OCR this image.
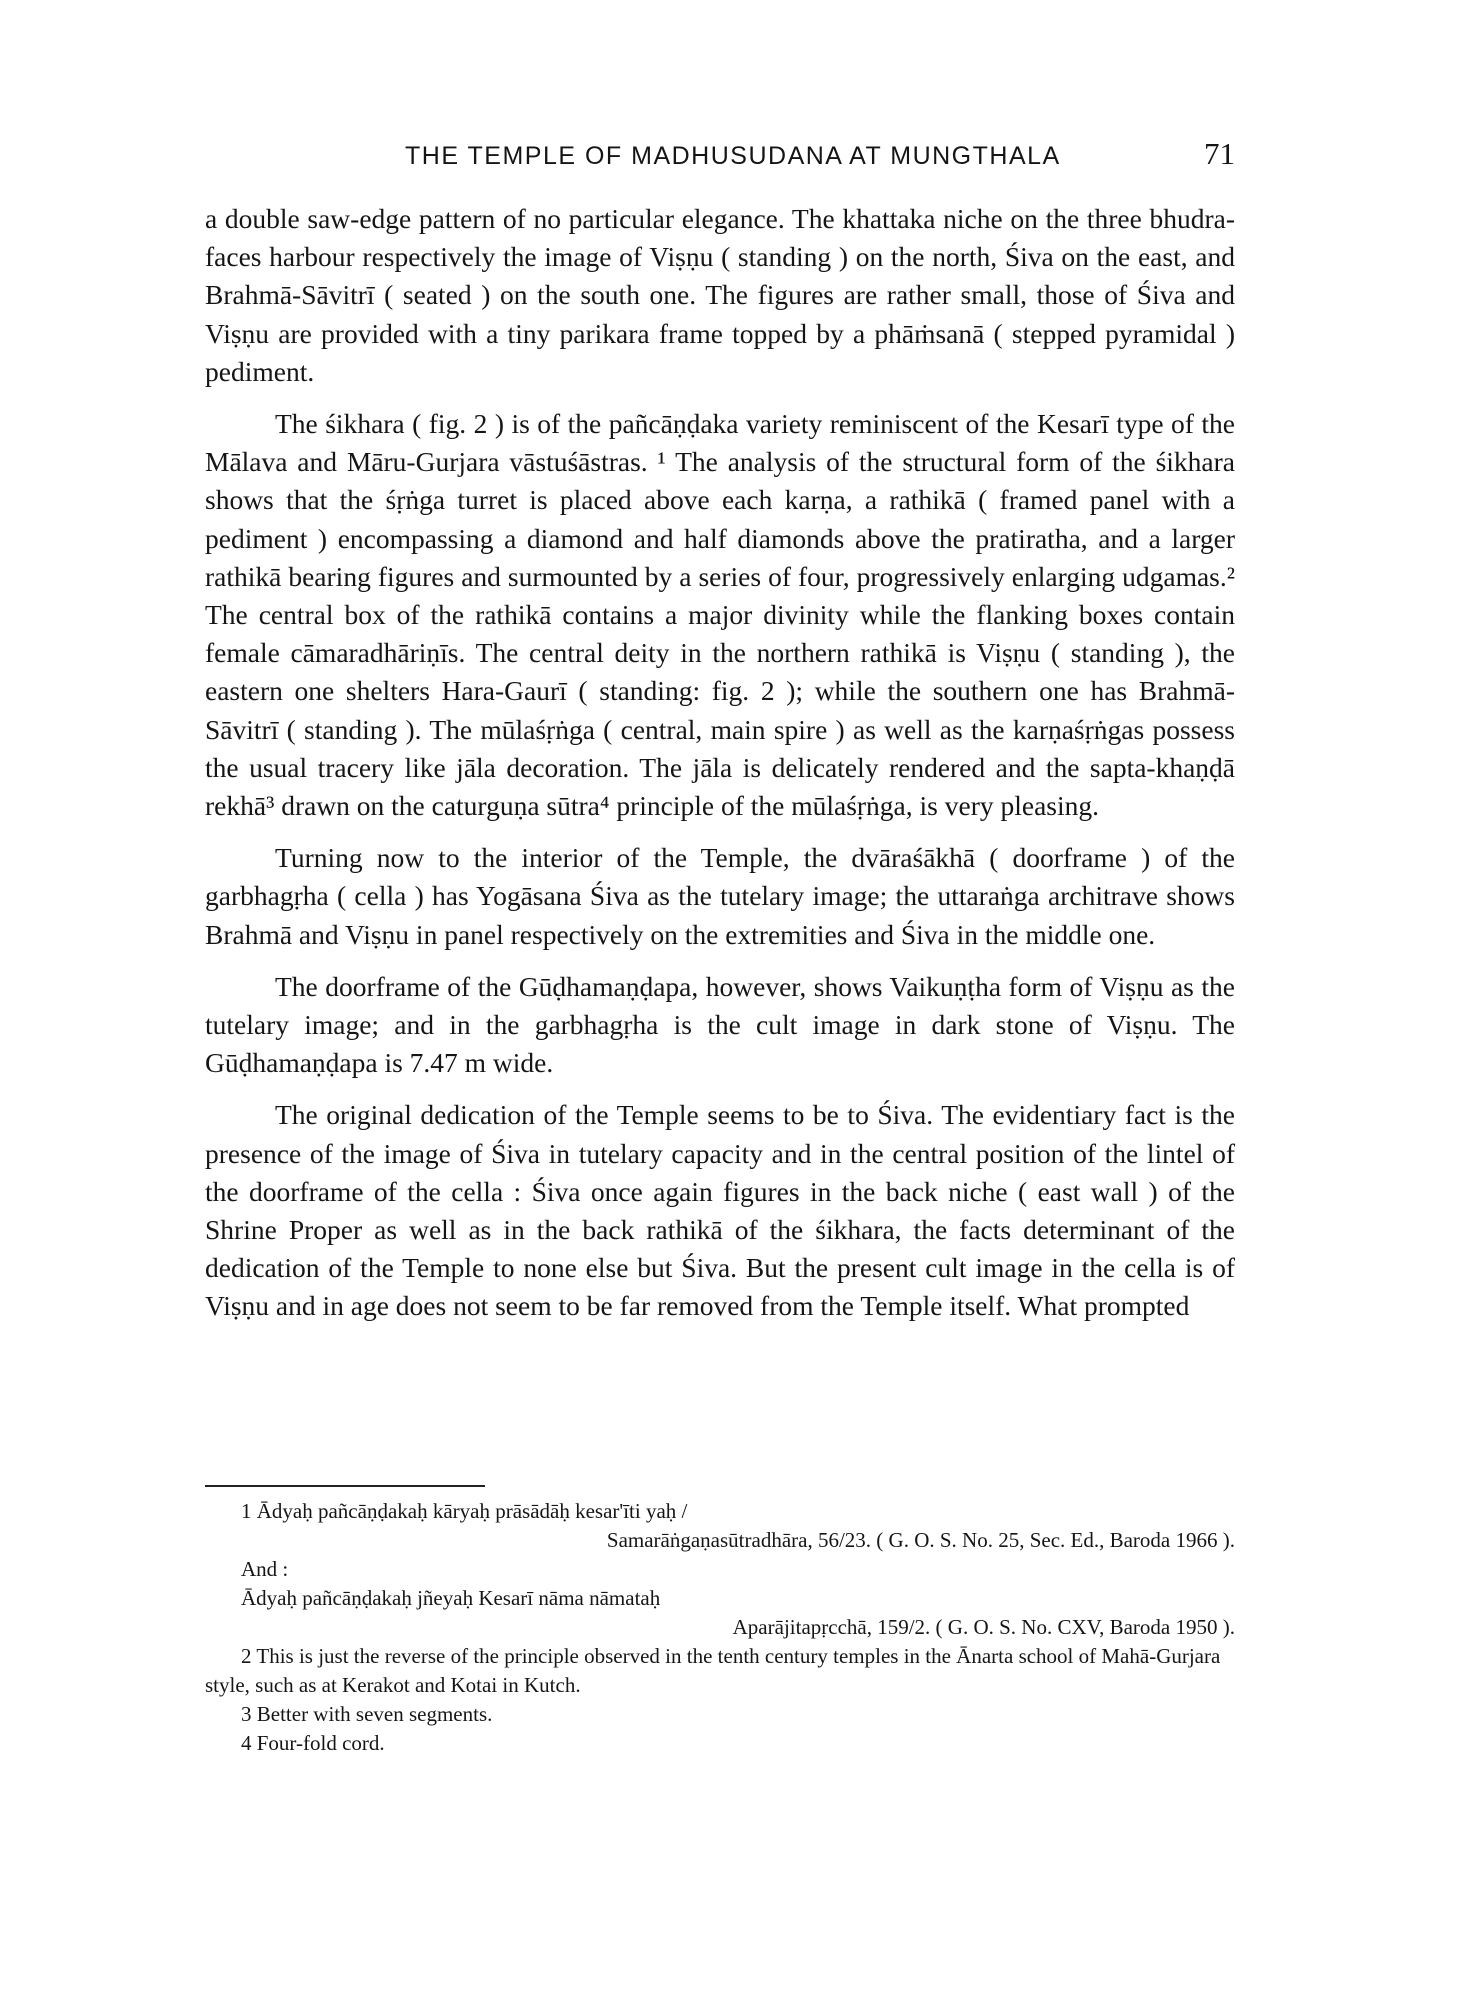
THE TEMPLE OF MADHUSUDANA AT MUNGTHALA	71

a double saw-edge pattern of no particular elegance. The khattaka niche on the three bhudra-faces harbour respectively the image of Viṣṇu ( standing ) on the north, Śiva on the east, and Brahmā-Sāvitrī ( seated ) on the south one. The figures are rather small, those of Śiva and Viṣṇu are provided with a tiny parikara frame topped by a phāṁsanā ( stepped pyramidal ) pediment.

The śikhara ( fig. 2 ) is of the pañcāṇḍaka variety reminiscent of the Kesarī type of the Mālava and Māru-Gurjara vāstuśāstras. ¹ The analysis of the structural form of the śikhara shows that the śṛṅga turret is placed above each karṇa, a rathikā ( framed panel with a pediment ) encompassing a diamond and half diamonds above the pratiratha, and a larger rathikā bearing figures and surmounted by a series of four, progressively enlarging udgamas.² The central box of the rathikā contains a major divinity while the flanking boxes contain female cāmaradhāriṇīs. The central deity in the northern rathikā is Viṣṇu ( standing ), the eastern one shelters Hara-Gaurī ( standing: fig. 2 ); while the southern one has Brahmā-Sāvitrī ( standing ). The mūlaśṛṅga ( central, main spire ) as well as the karṇaśṛṅgas possess the usual tracery like jāla decoration. The jāla is delicately rendered and the sapta-khaṇḍā rekhā³ drawn on the caturguṇa sūtra⁴ principle of the mūlaśṛṅga, is very pleasing.

Turning now to the interior of the Temple, the dvāraśākhā ( doorframe ) of the garbhagṛha ( cella ) has Yogāsana Śiva as the tutelary image; the uttaraṅga architrave shows Brahmā and Viṣṇu in panel respectively on the extremities and Śiva in the middle one.

The doorframe of the Gūḍhamaṇḍapa, however, shows Vaikuṇṭha form of Viṣṇu as the tutelary image; and in the garbhagṛha is the cult image in dark stone of Viṣṇu. The Gūḍhamaṇḍapa is 7.47 m wide.

The original dedication of the Temple seems to be to Śiva. The evidentiary fact is the presence of the image of Śiva in tutelary capacity and in the central position of the lintel of the doorframe of the cella : Śiva once again figures in the back niche ( east wall ) of the Shrine Proper as well as in the back rathikā of the śikhara, the facts determinant of the dedication of the Temple to none else but Śiva. But the present cult image in the cella is of Viṣṇu and in age does not seem to be far removed from the Temple itself. What prompted

1 Ādyaḥ pañcāṇḍakaḥ kāryaḥ prāsādāḥ kesar'īti yaḥ /

Samarāṅgaṇasūtradhāra, 56/23. ( G. O. S. No. 25, Sec. Ed., Baroda 1966 ).

And :

Ādyaḥ pañcāṇḍakaḥ jñeyaḥ Kesarī nāma nāmataḥ

Aparājitapṛcchā, 159/2. ( G. O. S. No. CXV, Baroda 1950 ).

2 This is just the reverse of the principle observed in the tenth century temples in the Ānarta school of Mahā-Gurjara style, such as at Kerakot and Kotai in Kutch.

3 Better with seven segments.

4 Four-fold cord.
